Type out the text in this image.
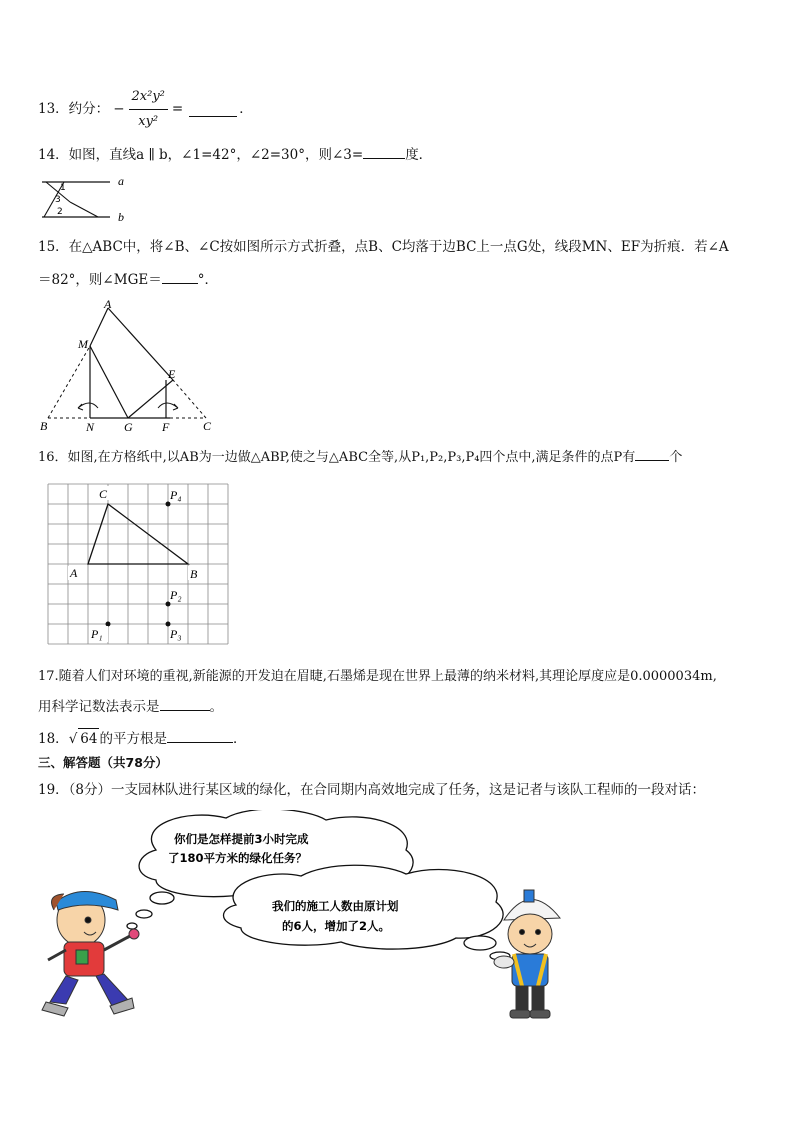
13．约分： − $\frac{\text{2x²y²}}{\text{xy²}}$ =	．
14．如图，直线a ∥ b，∠1=42°，∠2=30°，则∠3=	度．
a
b
1
3
2
15．在△ABC中，将∠B、∠C按如图所示方式折叠，点B、C均落于边BC上一点G处，线段MN、EF为折痕．若∠A
＝82°，则∠MGE＝	°．
A
M
E
B	N G F	C
16．如图,在方格纸中,以AB为一边做△ABP,使之与△ABC全等,从P₁,P₂,P₃,P₄四个点中,满足条件的点P有	个
C
A	B
P₄
P₂
P₁	P₃
17.随着人们对环境的重视,新能源的开发迫在眉睫,石墨烯是现在世界上最薄的纳米材料,其理论厚度应是0.0000034m,
用科学记数法表示是	。
18．√ 64 的平方根是	．
三、解答题（共78分）
19．（8分）一支园林队进行某区域的绿化，在合同期内高效地完成了任务，这是记者与该队工程师的一段对话：
你们是怎样提前3小时完成
了180平方米的绿化任务？
我们的施工人数由原计划
的6人，增加了2人。
